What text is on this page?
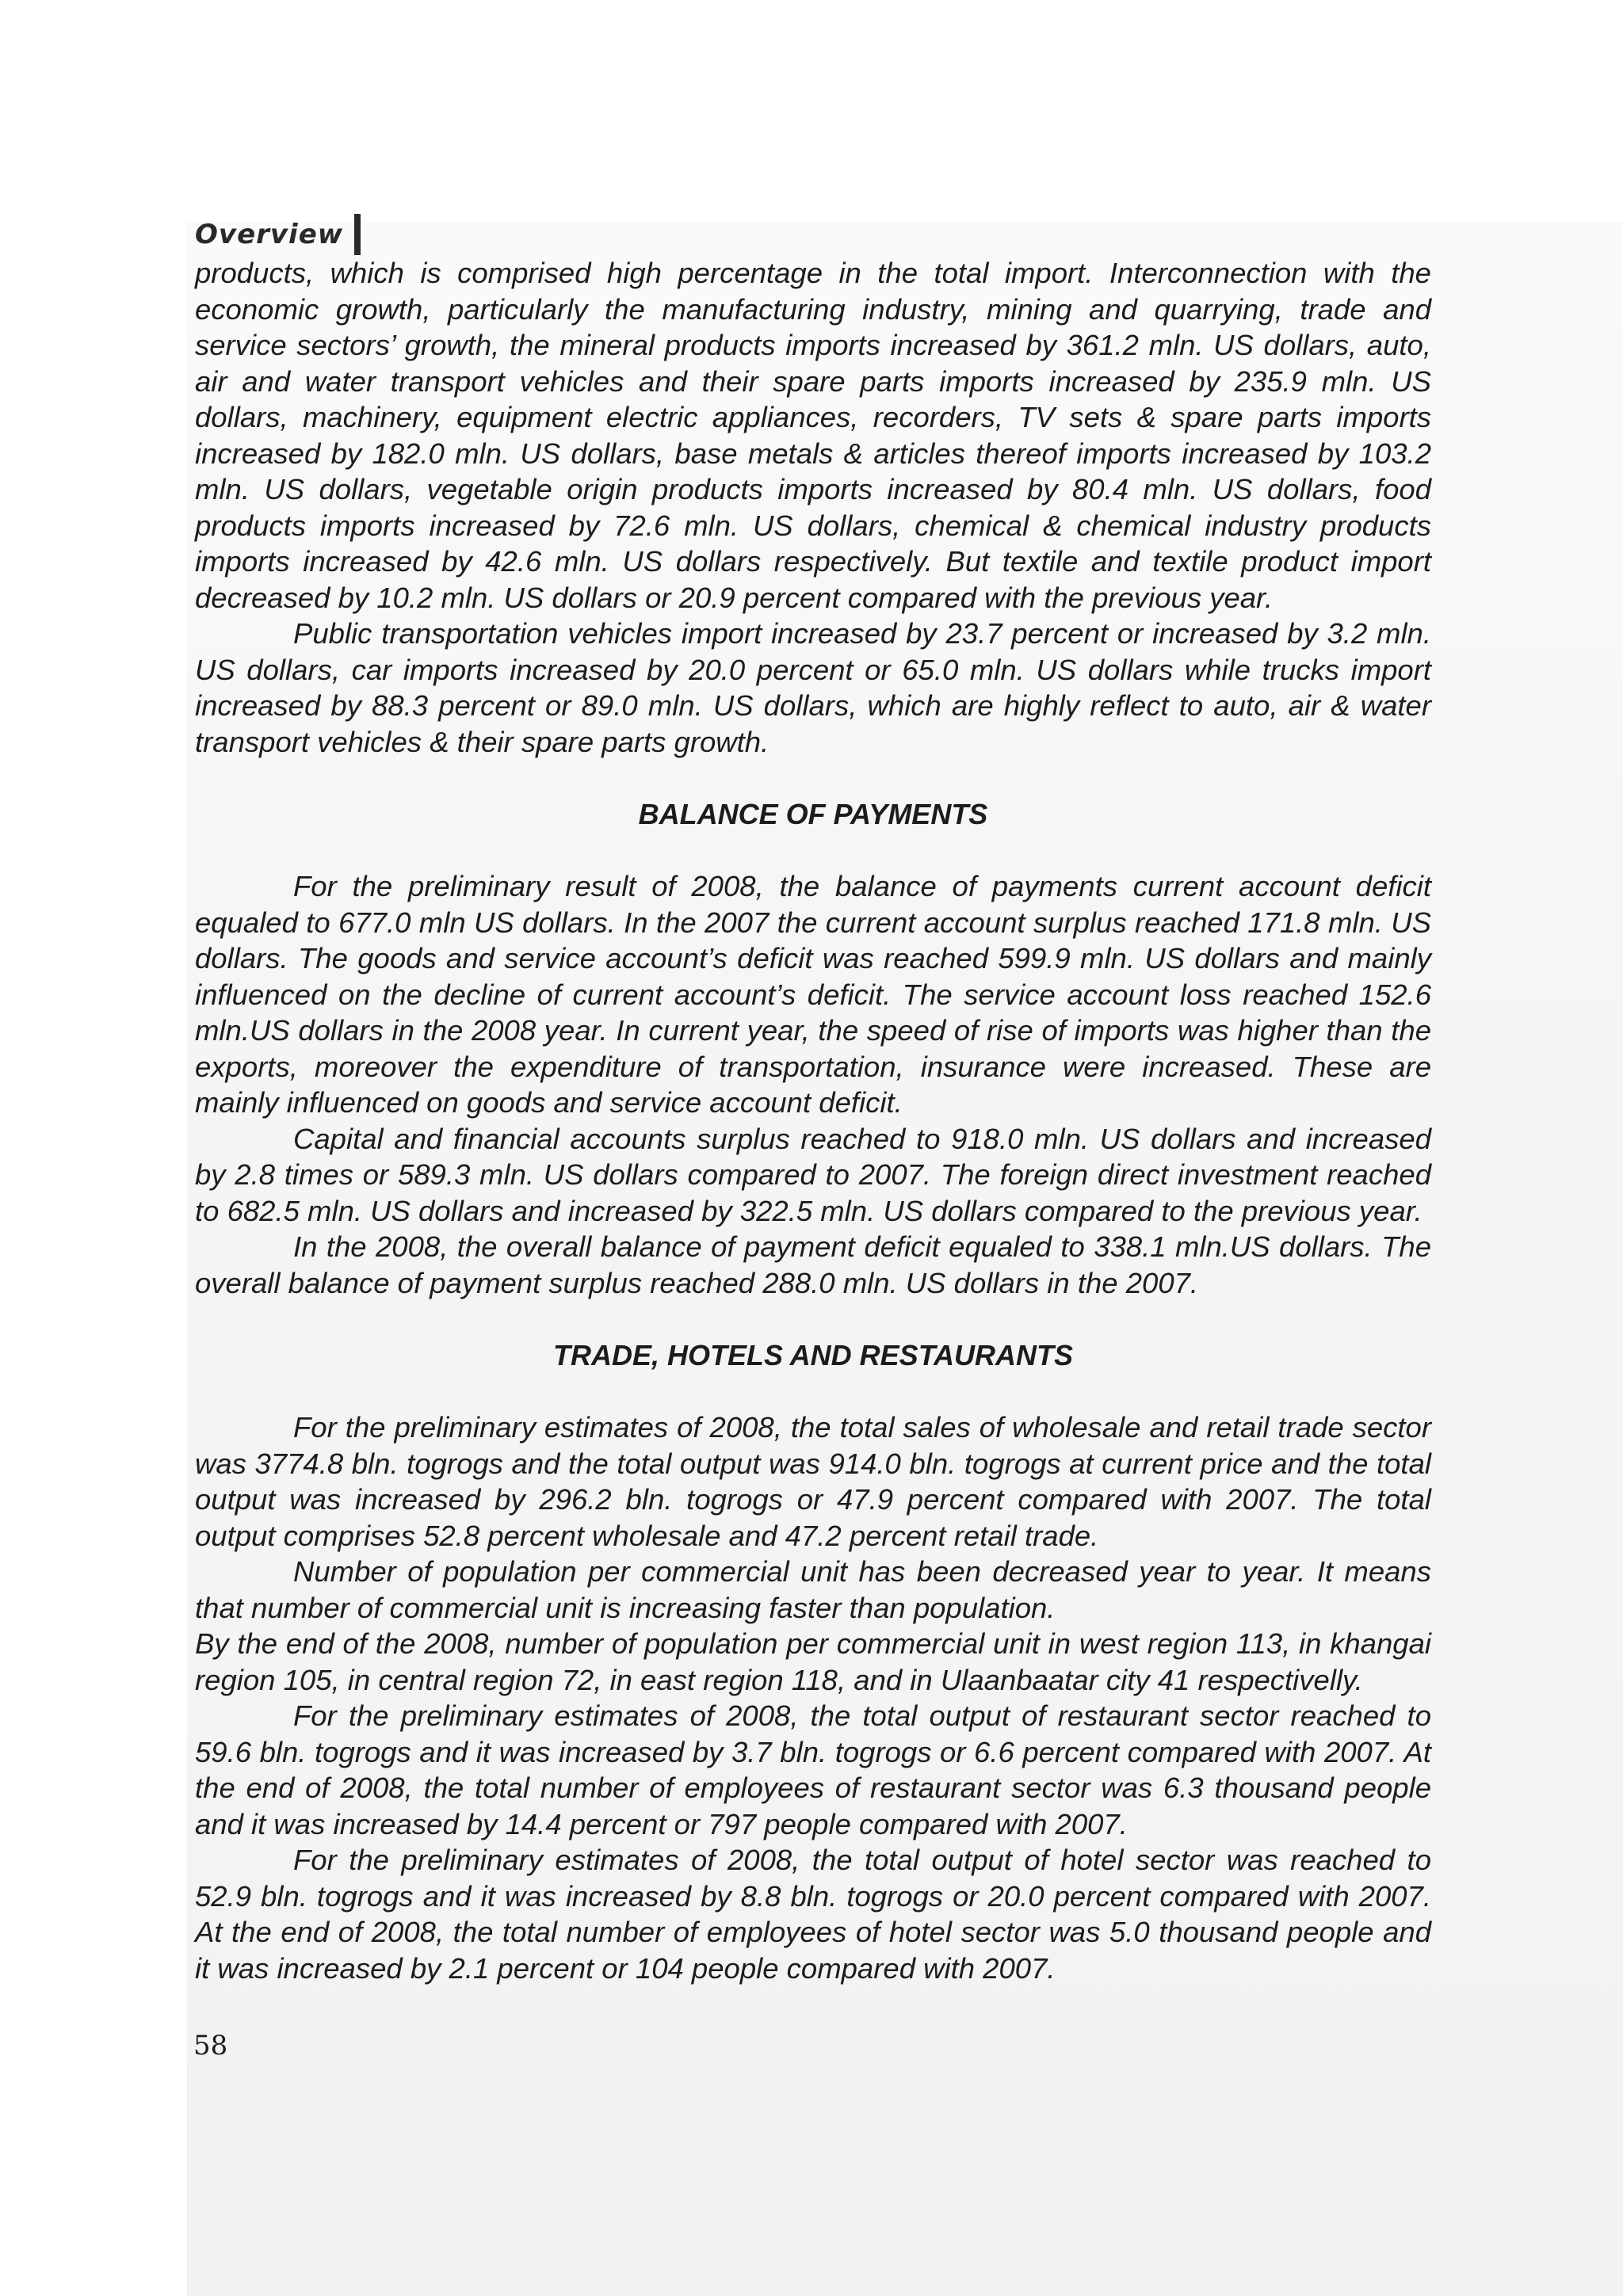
Overview

products, which is comprised high percentage in the total import. Interconnection with the economic growth, particularly the manufacturing industry, mining and quarrying, trade and service sectors’ growth, the mineral products imports increased by 361.2 mln. US dollars, auto, air and water transport vehicles and their spare parts imports increased by 235.9 mln. US dollars, machinery, equipment electric appliances, recorders, TV sets & spare parts imports increased by 182.0 mln. US dollars, base metals & articles thereof imports increased by 103.2 mln. US dollars, vegetable origin products imports increased by 80.4 mln. US dollars, food products imports increased by 72.6 mln. US dollars, chemical & chemical industry products imports increased by 42.6 mln. US dollars respectively. But textile and textile product import decreased by 10.2 mln. US dollars or 20.9 percent compared with the previous year.

Public transportation vehicles import increased by 23.7 percent or increased by 3.2 mln. US dollars, car imports increased by 20.0 percent or 65.0 mln. US dollars while trucks import increased by 88.3 percent or 89.0 mln. US dollars, which are highly reflect to auto, air & water transport vehicles & their spare parts growth.

BALANCE OF PAYMENTS

For the preliminary result of 2008, the balance of payments current account deficit equaled to 677.0 mln US dollars. In the 2007 the current account surplus reached 171.8 mln. US dollars. The goods and service account’s deficit was reached 599.9 mln. US dollars and mainly influenced on the decline of current account’s deficit. The service account loss reached 152.6 mln.US dollars in the 2008 year. In current year, the speed of rise of imports was higher than the exports, moreover the expenditure of transportation, insurance were increased. These are mainly influenced on goods and service account deficit.

Capital and financial accounts surplus reached to 918.0 mln. US dollars and increased by 2.8 times or 589.3 mln. US dollars compared to 2007. The foreign direct investment reached to 682.5 mln. US dollars and increased by 322.5 mln. US dollars compared to the previous year.

In the 2008, the overall balance of payment deficit equaled to 338.1 mln.US dollars. The overall balance of payment surplus reached 288.0 mln. US dollars in the 2007.

TRADE, HOTELS AND RESTAURANTS

For the preliminary estimates of 2008, the total sales of wholesale and retail trade sector was 3774.8 bln. togrogs and the total output was 914.0 bln. togrogs at current price and the total output was increased by 296.2 bln. togrogs or 47.9 percent compared with 2007. The total output comprises 52.8 percent wholesale and 47.2 percent retail trade.

Number of population per commercial unit has been decreased year to year. It means that number of commercial unit is increasing faster than population.

By the end of the 2008, number of population per commercial unit in west region 113, in khangai region 105, in central region 72, in east region 118, and in Ulaanbaatar city 41 respectivelly.

For the preliminary estimates of 2008, the total output of restaurant sector reached to 59.6 bln. togrogs and it was increased by 3.7 bln. togrogs or 6.6 percent compared with 2007. At the end of 2008, the total number of employees of restaurant sector was 6.3 thousand people and it was increased by 14.4 percent or 797 people compared with 2007.

For the preliminary estimates of 2008, the total output of hotel sector was reached to 52.9 bln. togrogs and it was increased by 8.8 bln. togrogs or 20.0 percent compared with 2007. At the end of 2008, the total number of employees of hotel sector was 5.0 thousand people and it was increased by 2.1 percent or 104 people compared with 2007.

58
